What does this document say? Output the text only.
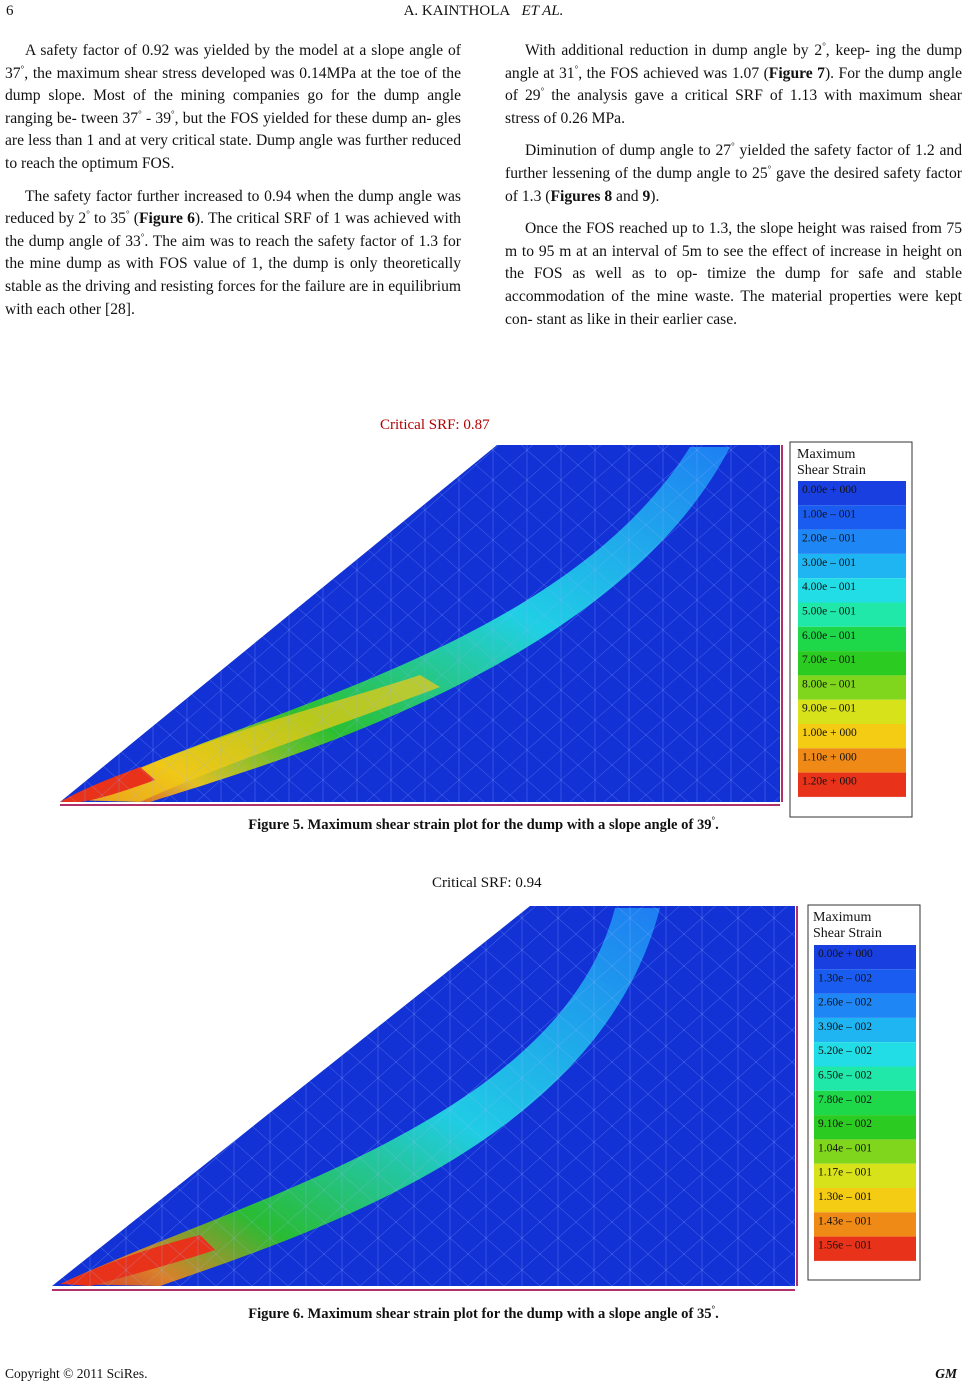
6	A. KAINTHOLA ET AL.

A safety factor of 0.92 was yielded by the model at a slope angle of 37°, the maximum shear stress developed was 0.14MPa at the toe of the dump slope. Most of the mining companies go for the dump angle ranging be- tween 37° - 39°, but the FOS yielded for these dump an- gles are less than 1 and at very critical state. Dump angle was further reduced to reach the optimum FOS.

The safety factor further increased to 0.94 when the dump angle was reduced by 2° to 35° (Figure 6). The critical SRF of 1 was achieved with the dump angle of 33°. The aim was to reach the safety factor of 1.3 for the mine dump as with FOS value of 1, the dump is only theoretically stable as the driving and resisting forces for the failure are in equilibrium with each other [28].

With additional reduction in dump angle by 2°, keep- ing the dump angle at 31°, the FOS achieved was 1.07 (Figure 7). For the dump angle of 29° the analysis gave a critical SRF of 1.13 with maximum shear stress of 0.26 MPa.

Diminution of dump angle to 27° yielded the safety factor of 1.2 and further lessening of the dump angle to 25° gave the desired safety factor of 1.3 (Figures 8 and 9).

Once the FOS reached up to 1.3, the slope height was raised from 75 m to 95 m at an interval of 5m to see the effect of increase in height on the FOS as well as to op- timize the dump for safe and stable accommodation of the mine waste. The material properties were kept con- stant as like in their earlier case.

Critical SRF: 0.87
Maximum
Shear Strain
0.00e + 000
1.00e – 001
2.00e – 001
3.00e – 001
4.00e – 001
5.00e – 001
6.00e – 001
7.00e – 001
8.00e – 001
9.00e – 001
1.00e + 000
1.10e + 000
1.20e + 000
Figure 5. Maximum shear strain plot for the dump with a slope angle of 39°.
Critical SRF: 0.94
Maximum
Shear Strain
0.00e + 000
1.30e – 002
2.60e – 002
3.90e – 002
5.20e – 002
6.50e – 002
7.80e – 002
9.10e – 002
1.04e – 001
1.17e – 001
1.30e – 001
1.43e – 001
1.56e – 001
Figure 6. Maximum shear strain plot for the dump with a slope angle of 35°.
Copyright © 2011 SciRes.	GM
